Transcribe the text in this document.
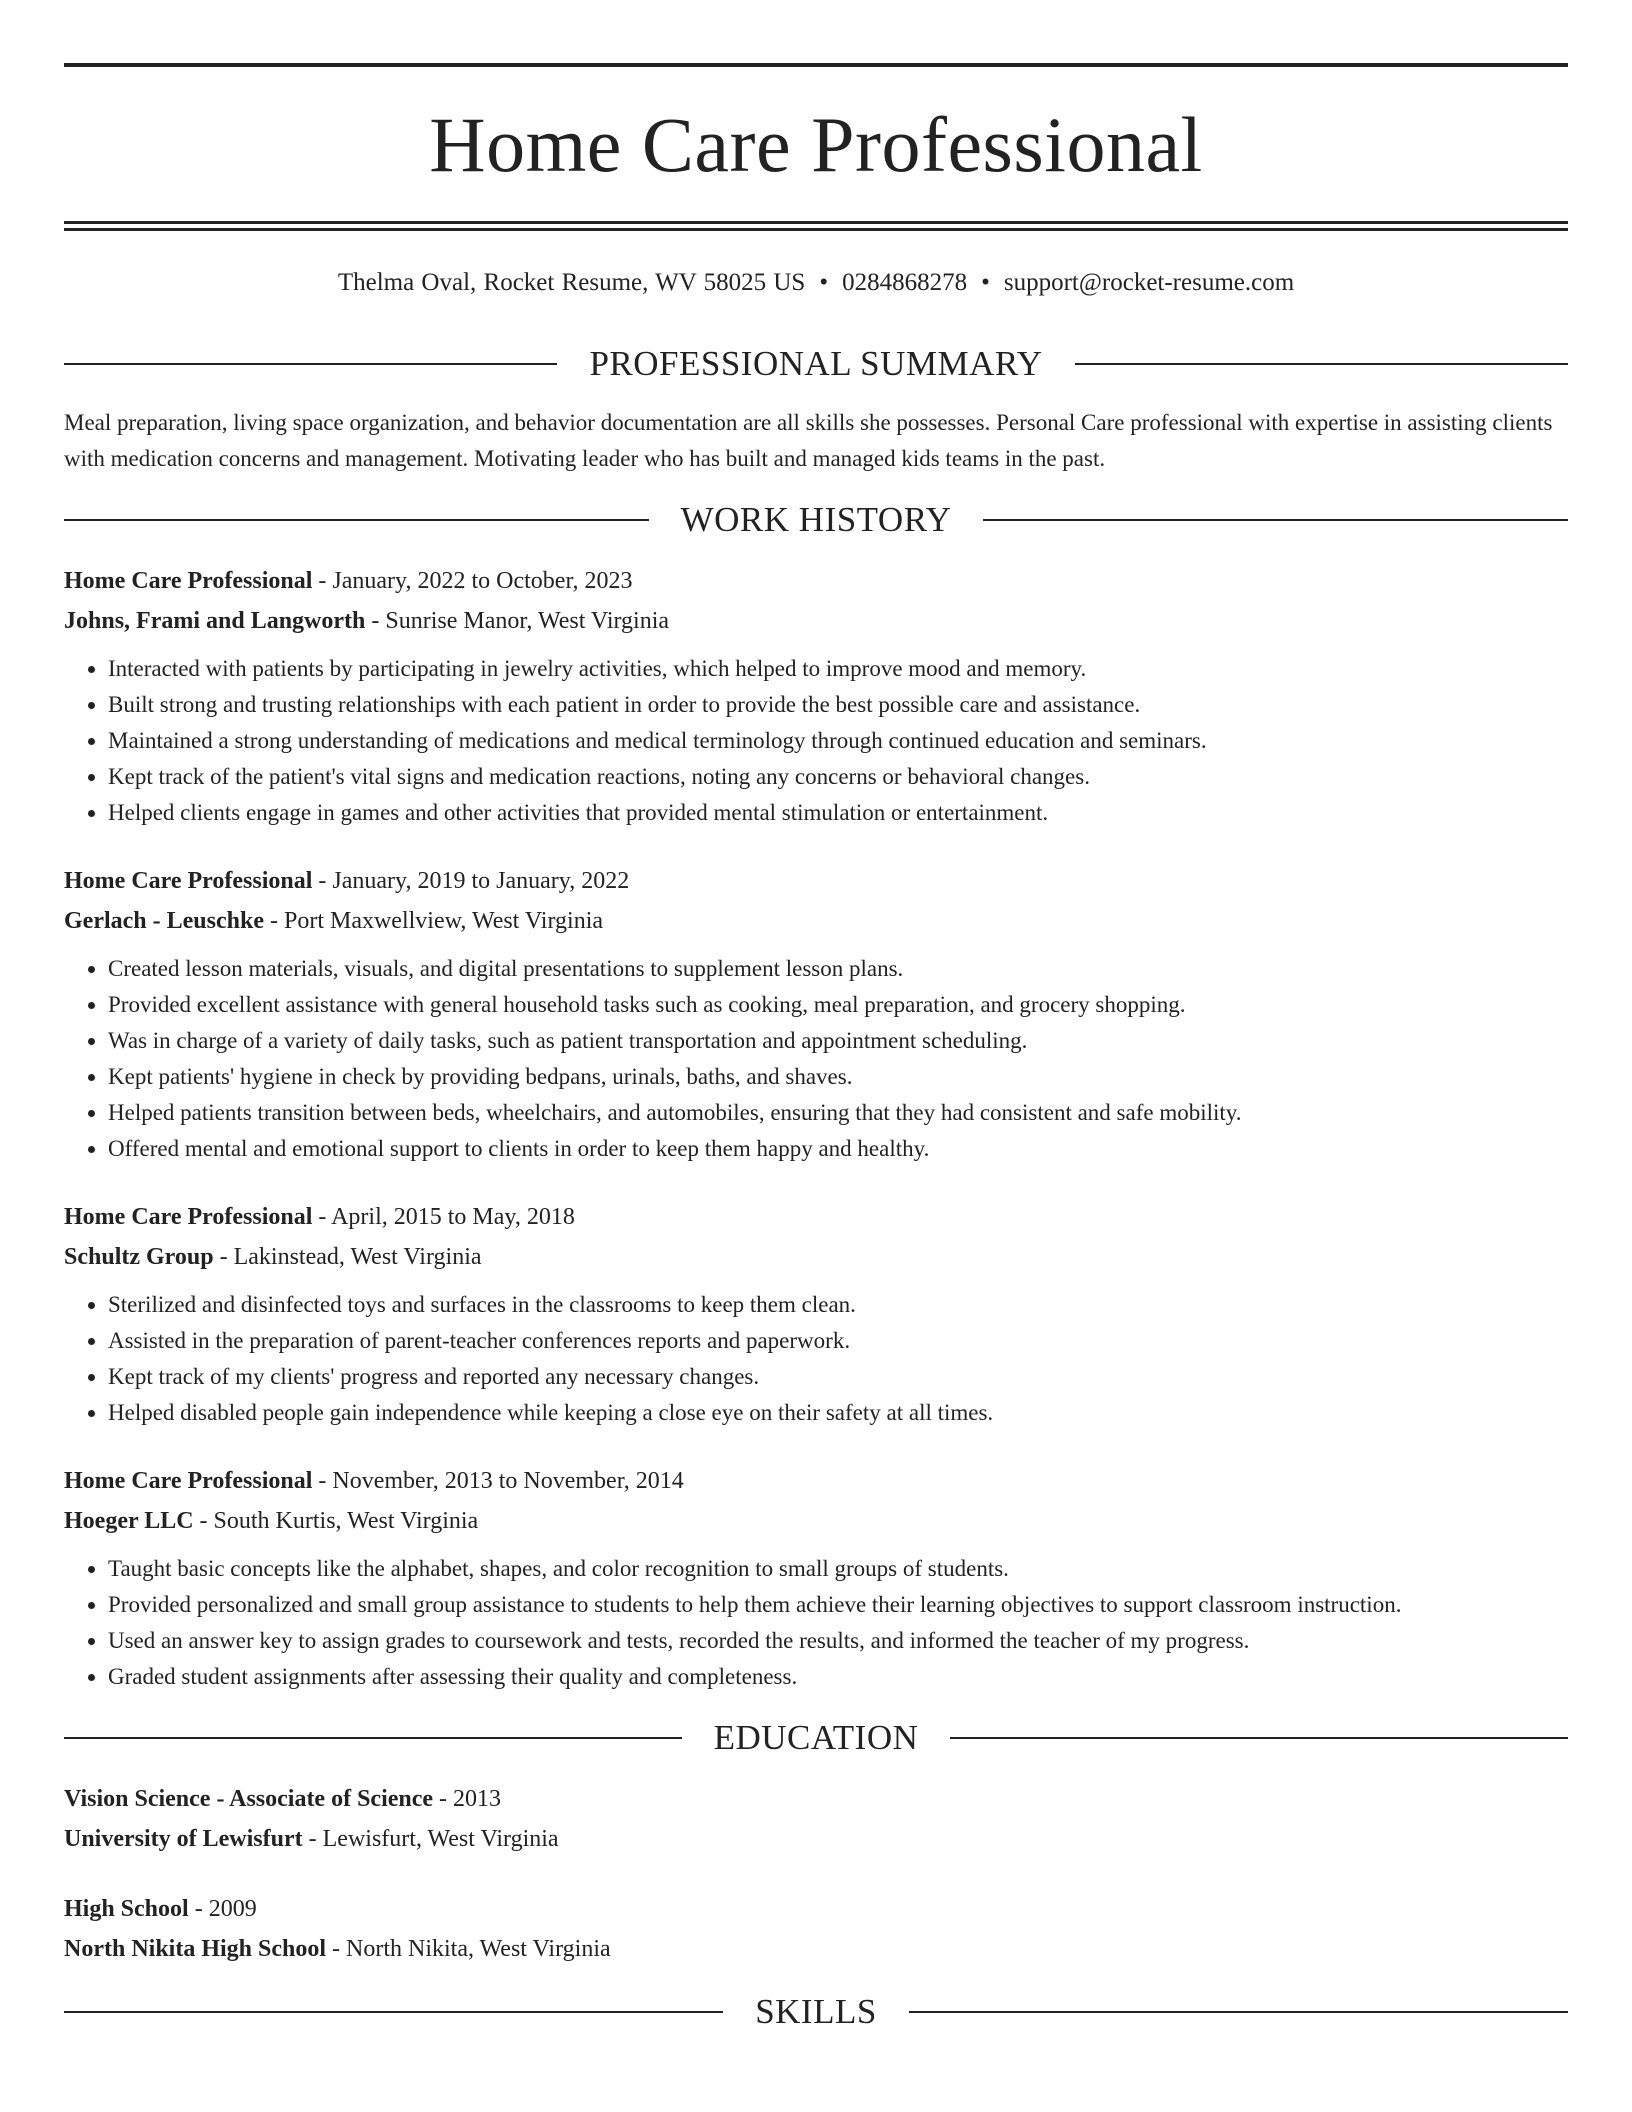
Home Care Professional
Thelma Oval, Rocket Resume, WV 58025 US • 0284868278 • support@rocket-resume.com
PROFESSIONAL SUMMARY

Meal preparation, living space organization, and behavior documentation are all skills she possesses. Personal Care professional with expertise in assisting clients with medication concerns and management. Motivating leader who has built and managed kids teams in the past.

WORK HISTORY
Home Care Professional - January, 2022 to October, 2023
Johns, Frami and Langworth - Sunrise Manor, West Virginia
• Interacted with patients by participating in jewelry activities, which helped to improve mood and memory.
• Built strong and trusting relationships with each patient in order to provide the best possible care and assistance.
• Maintained a strong understanding of medications and medical terminology through continued education and seminars.
• Kept track of the patient's vital signs and medication reactions, noting any concerns or behavioral changes.
• Helped clients engage in games and other activities that provided mental stimulation or entertainment.
Home Care Professional - January, 2019 to January, 2022
Gerlach - Leuschke - Port Maxwellview, West Virginia
• Created lesson materials, visuals, and digital presentations to supplement lesson plans.
• Provided excellent assistance with general household tasks such as cooking, meal preparation, and grocery shopping.
• Was in charge of a variety of daily tasks, such as patient transportation and appointment scheduling.
• Kept patients' hygiene in check by providing bedpans, urinals, baths, and shaves.
• Helped patients transition between beds, wheelchairs, and automobiles, ensuring that they had consistent and safe mobility.
• Offered mental and emotional support to clients in order to keep them happy and healthy.
Home Care Professional - April, 2015 to May, 2018
Schultz Group - Lakinstead, West Virginia
• Sterilized and disinfected toys and surfaces in the classrooms to keep them clean.
• Assisted in the preparation of parent-teacher conferences reports and paperwork.
• Kept track of my clients' progress and reported any necessary changes.
• Helped disabled people gain independence while keeping a close eye on their safety at all times.
Home Care Professional - November, 2013 to November, 2014
Hoeger LLC - South Kurtis, West Virginia
• Taught basic concepts like the alphabet, shapes, and color recognition to small groups of students.
• Provided personalized and small group assistance to students to help them achieve their learning objectives to support classroom instruction.
• Used an answer key to assign grades to coursework and tests, recorded the results, and informed the teacher of my progress.
• Graded student assignments after assessing their quality and completeness.
EDUCATION
Vision Science - Associate of Science - 2013
University of Lewisfurt - Lewisfurt, West Virginia
High School - 2009
North Nikita High School - North Nikita, West Virginia
SKILLS
